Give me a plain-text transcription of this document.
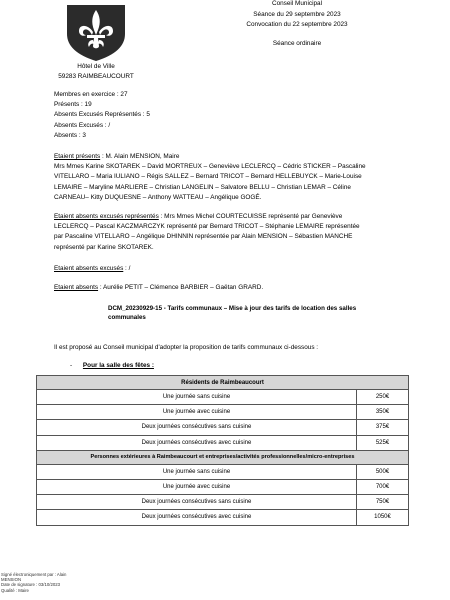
Conseil Municipal
Séance du 29 septembre 2023
Convocation du 22 septembre 2023
Séance ordinaire
Hôtel de Ville
59283 RAIMBEAUCOURT
Membres en exercice : 27
Présents : 19
Absents Excusés Représentés : 5
Absents Excusés : /
Absents : 3
Etaient présents : M. Alain MENSION, Maire
Mrs Mmes Karine SKOTAREK – David MORTREUX – Geneviève LECLERCQ – Cédric STICKER – Pascaline
VITELLARO – Maria IULIANO – Régis SALLEZ – Bernard TRICOT – Bernard HELLEBUYCK – Marie-Louise
LEMAIRE – Maryline MARLIERE – Christian LANGELIN – Salvatore BELLU – Christian LEMAR – Céline
CARNEAU– Kitty DUQUESNE – Anthony WATTEAU – Angélique GOGÉ.
Etaient absents excusés représentés : Mrs Mmes Michel COURTECUISSE représenté par Geneviève
LECLERCQ – Pascal KACZMARCZYK représenté par Bernard TRICOT – Stéphanie LEMAIRE représentée
par Pascaline VITELLARO – Angélique DHINNIN représentée par Alain MENSION – Sébastien MANCHE
représenté par Karine SKOTAREK.
Etaient absents excusés : /
Etaient absents : Aurélie PETIT – Clémence BARBIER – Gaëtan GRARD.
DCM_20230929-15 - Tarifs communaux – Mise à jour des tarifs de location des salles
communales
Il est proposé au Conseil municipal d'adopter la proposition de tarifs communaux ci-dessous :
- Pour la salle des fêtes :
Résidents de Raimbeaucourt	
Une journée sans cuisine	250€
Une journée avec cuisine	350€
Deux journées consécutives sans cuisine	375€
Deux journées consécutives avec cuisine	525€
Personnes extérieures à Raimbeaucourt et entreprises/activités professionnelles/micro-entreprises	
Une journée sans cuisine	500€
Une journée avec cuisine	700€
Deux journées consécutives sans cuisine	750€
Deux journées consécutives avec cuisine	1050€
Signé électroniquement par : Alain
MENSION
Date de signature : 03/10/2023
Qualité : Maire
